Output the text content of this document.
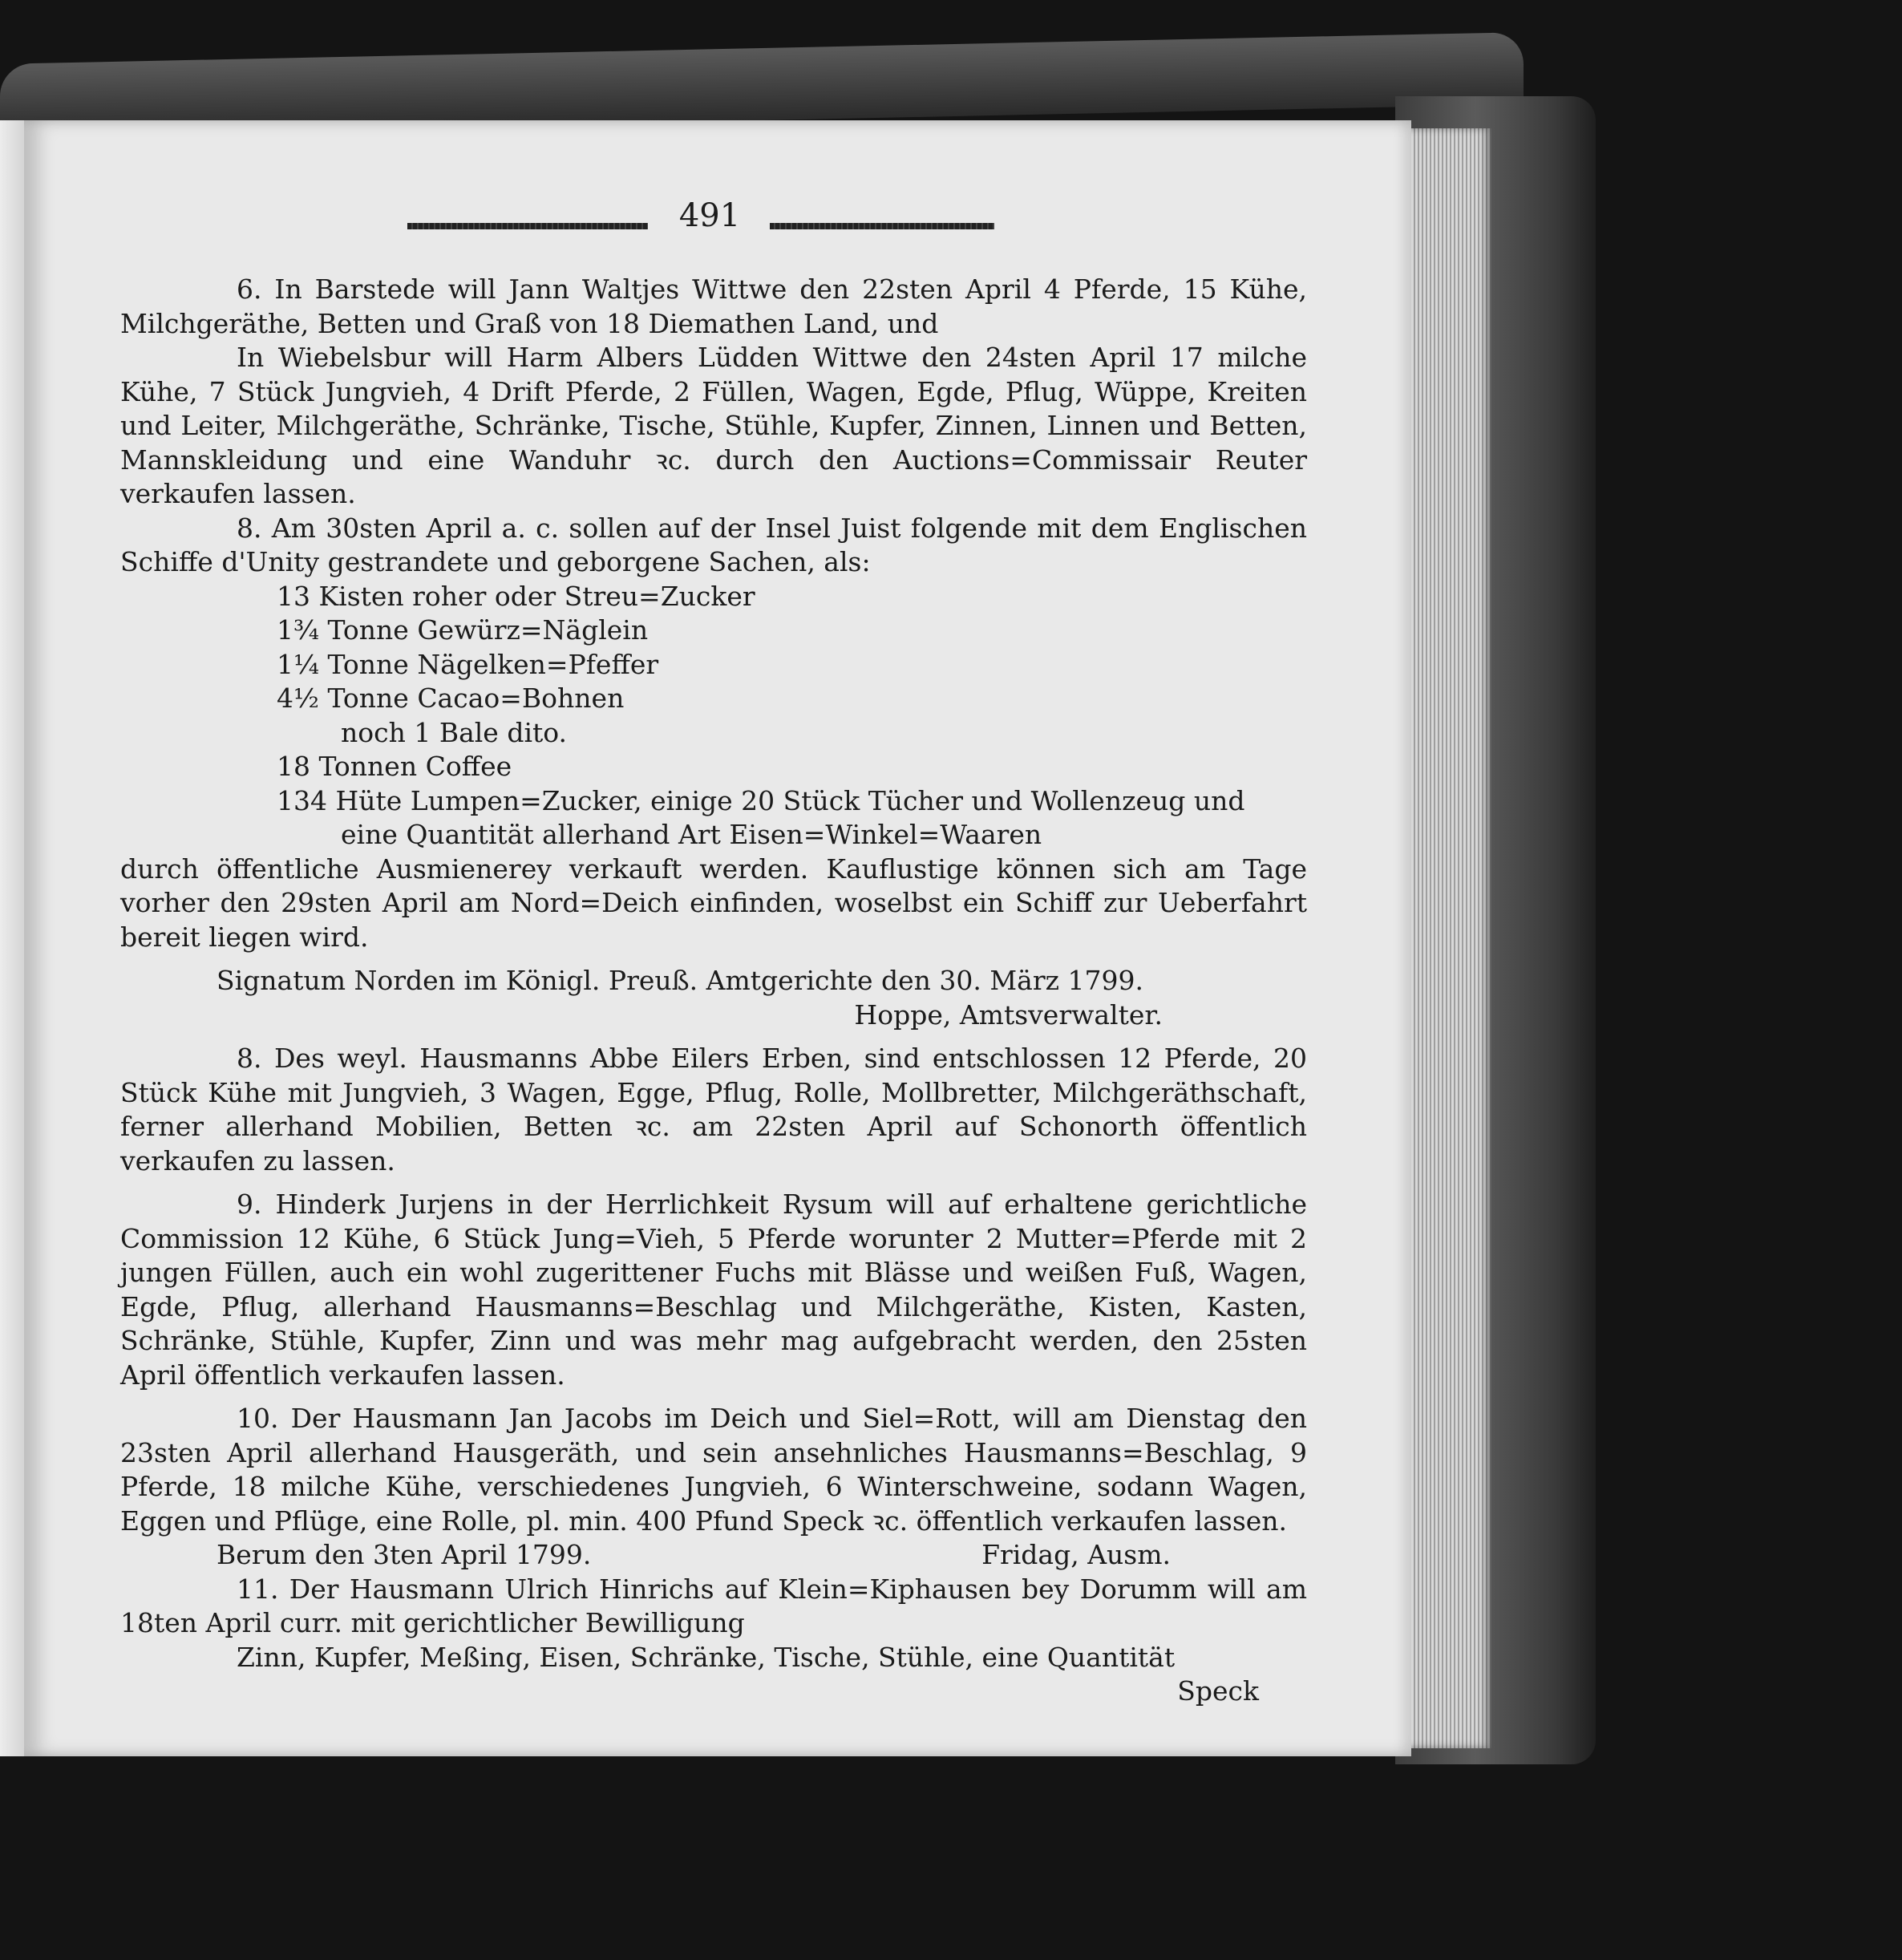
491

6. In Barstede will Jann Waltjes Wittwe den 22sten April 4 Pferde, 15 Kühe, Milchgeräthe, Betten und Graß von 18 Diemathen Land, und

In Wiebelsbur will Harm Albers Lüdden Wittwe den 24sten April 17 milche Kühe, 7 Stück Jungvieh, 4 Drift Pferde, 2 Füllen, Wagen, Egde, Pflug, Wüppe, Kreiten und Leiter, Milchgeräthe, Schränke, Tische, Stühle, Kupfer, Zinnen, Linnen und Betten, Mannskleidung und eine Wanduhr ꝛc. durch den Auctions=Commissair Reuter verkaufen lassen.

8. Am 30sten April a. c. sollen auf der Insel Juist folgende mit dem Englischen Schiffe d'Unity gestrandete und geborgene Sachen, als:

13 Kisten roher oder Streu=Zucker
1¾ Tonne Gewürz=Näglein
1¼ Tonne Nägelken=Pfeffer
4½ Tonne Cacao=Bohnen
noch 1 Bale dito.
18 Tonnen Coffee
134 Hüte Lumpen=Zucker, einige 20 Stück Tücher und Wollenzeug und
eine Quantität allerhand Art Eisen=Winkel=Waaren

durch öffentliche Ausmienerey verkauft werden. Kauflustige können sich am Tage vorher den 29sten April am Nord=Deich einfinden, woselbst ein Schiff zur Ueberfahrt bereit liegen wird.

Signatum Norden im Königl. Preuß. Amtgerichte den 30. März 1799.

Hoppe, Amtsverwalter.

8. Des weyl. Hausmanns Abbe Eilers Erben, sind entschlossen 12 Pferde, 20 Stück Kühe mit Jungvieh, 3 Wagen, Egge, Pflug, Rolle, Mollbretter, Milchgeräthschaft, ferner allerhand Mobilien, Betten ꝛc. am 22sten April auf Schonorth öffentlich verkaufen zu lassen.

9. Hinderk Jurjens in der Herrlichkeit Rysum will auf erhaltene gerichtliche Commission 12 Kühe, 6 Stück Jung=Vieh, 5 Pferde worunter 2 Mutter=Pferde mit 2 jungen Füllen, auch ein wohl zugerittener Fuchs mit Blässe und weißen Fuß, Wagen, Egde, Pflug, allerhand Hausmanns=Beschlag und Milchgeräthe, Kisten, Kasten, Schränke, Stühle, Kupfer, Zinn und was mehr mag aufgebracht werden, den 25sten April öffentlich verkaufen lassen.

10. Der Hausmann Jan Jacobs im Deich und Siel=Rott, will am Dienstag den 23sten April allerhand Hausgeräth, und sein ansehnliches Hausmanns=Beschlag, 9 Pferde, 18 milche Kühe, verschiedenes Jungvieh, 6 Winterschweine, sodann Wagen, Eggen und Pflüge, eine Rolle, pl. min. 400 Pfund Speck ꝛc. öffentlich verkaufen lassen.

Berum den 3ten April 1799.	Fridag, Ausm.

11. Der Hausmann Ulrich Hinrichs auf Klein=Kiphausen bey Dorumm will am 18ten April curr. mit gerichtlicher Bewilligung

Zinn, Kupfer, Meßing, Eisen, Schränke, Tische, Stühle, eine Quantität

Speck
